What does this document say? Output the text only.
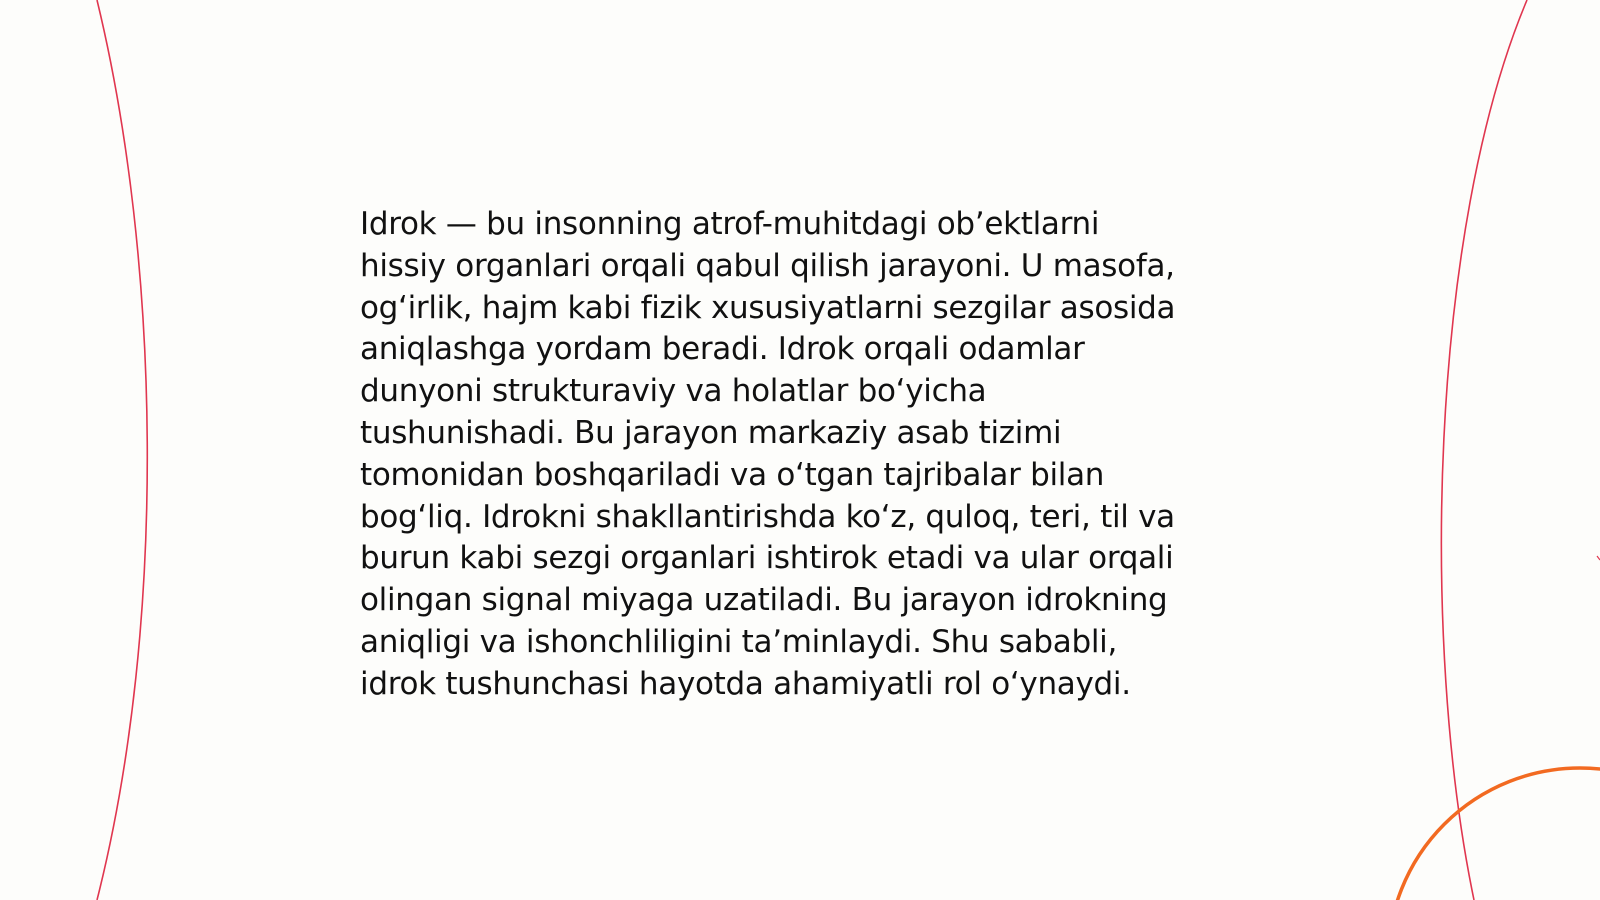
Idrok — bu insonning atrof-muhitdagi ob’ektlarni
hissiy organlari orqali qabul qilish jarayoni. U masofa,
og‘irlik, hajm kabi fizik xususiyatlarni sezgilar asosida
aniqlashga yordam beradi. Idrok orqali odamlar
dunyoni strukturaviy va holatlar bo‘yicha
tushunishadi. Bu jarayon markaziy asab tizimi
tomonidan boshqariladi va o‘tgan tajribalar bilan
bog‘liq. Idrokni shakllantirishda ko‘z, quloq, teri, til va
burun kabi sezgi organlari ishtirok etadi va ular orqali
olingan signal miyaga uzatiladi. Bu jarayon idrokning
aniqligi va ishonchliligini ta’minlaydi. Shu sababli,
idrok tushunchasi hayotda ahamiyatli rol o‘ynaydi.
